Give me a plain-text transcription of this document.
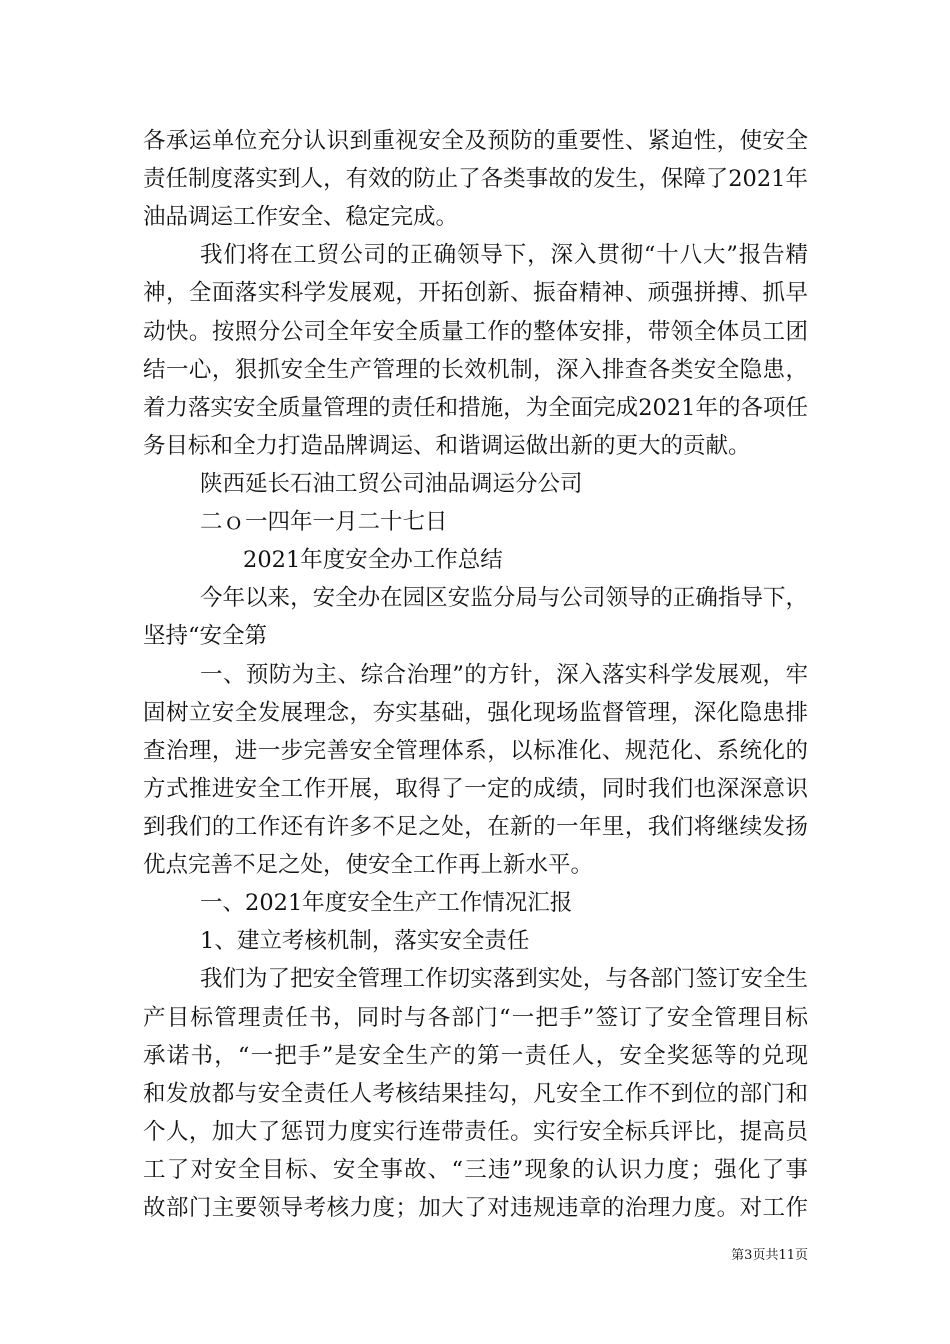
各承运单位充分认识到重视安全及预防的重要性、紧迫性，使安全
责任制度落实到人，有效的防止了各类事故的发生，保障了2021年
油品调运工作安全、稳定完成。
我们将在工贸公司的正确领导下，深入贯彻“十八大”报告精
神，全面落实科学发展观，开拓创新、振奋精神、顽强拼搏、抓早
动快。按照分公司全年安全质量工作的整体安排，带领全体员工团
结一心，狠抓安全生产管理的长效机制，深入排查各类安全隐患，
着力落实安全质量管理的责任和措施，为全面完成2021年的各项任
务目标和全力打造品牌调运、和谐调运做出新的更大的贡献。
陕西延长石油工贸公司油品调运分公司
二ｏ一四年一月二十七日
2021年度安全办工作总结
今年以来，安全办在园区安监分局与公司领导的正确指导下，
坚持“安全第
一、预防为主、综合治理”的方针，深入落实科学发展观，牢
固树立安全发展理念，夯实基础，强化现场监督管理，深化隐患排
查治理，进一步完善安全管理体系，以标准化、规范化、系统化的
方式推进安全工作开展，取得了一定的成绩，同时我们也深深意识
到我们的工作还有许多不足之处，在新的一年里，我们将继续发扬
优点完善不足之处，使安全工作再上新水平。
一、2021年度安全生产工作情况汇报
1、建立考核机制，落实安全责任
我们为了把安全管理工作切实落到实处，与各部门签订安全生
产目标管理责任书，同时与各部门“一把手”签订了安全管理目标
承诺书，“一把手”是安全生产的第一责任人，安全奖惩等的兑现
和发放都与安全责任人考核结果挂勾，凡安全工作不到位的部门和
个人，加大了惩罚力度实行连带责任。实行安全标兵评比，提高员
工了对安全目标、安全事故、“三违”现象的认识力度；强化了事
故部门主要领导考核力度；加大了对违规违章的治理力度。对工作
第3页共11页
